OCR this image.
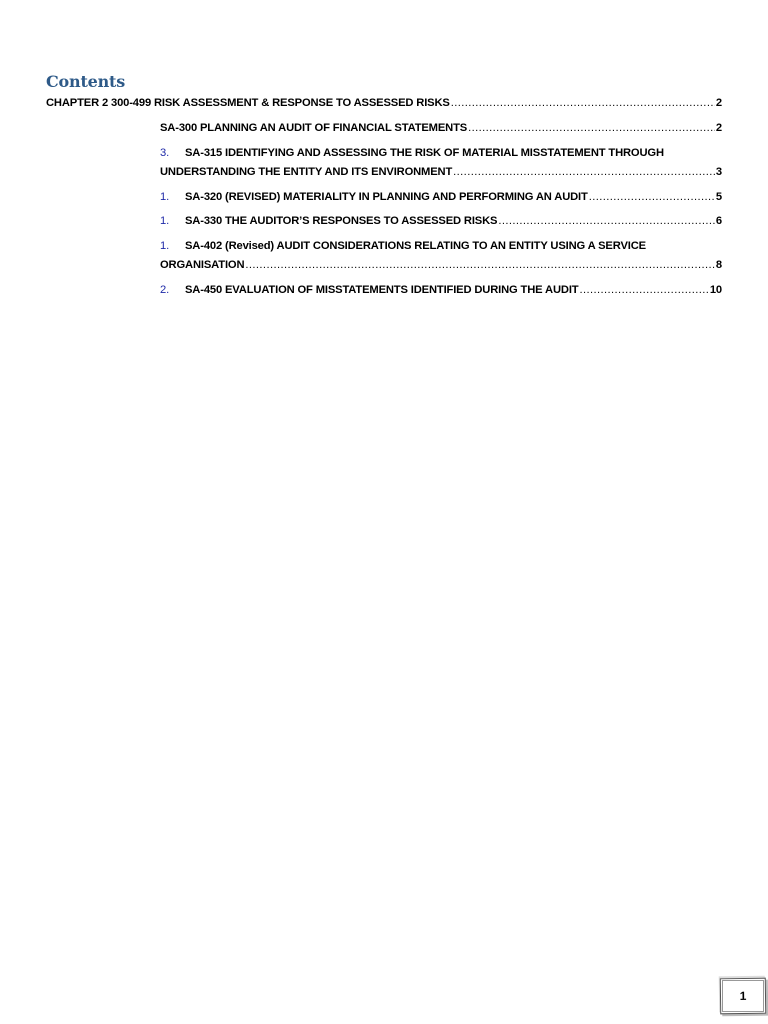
Contents
CHAPTER 2 300-499 RISK ASSESSMENT & RESPONSE TO ASSESSED RISKS .....	2
SA-300 PLANNING AN AUDIT OF FINANCIAL STATEMENTS .....	2
3.	SA-315 IDENTIFYING AND ASSESSING THE RISK OF MATERIAL MISSTATEMENT THROUGH
UNDERSTANDING THE ENTITY AND ITS ENVIRONMENT .....	3
1.	SA-320 (REVISED) MATERIALITY IN PLANNING AND PERFORMING AN AUDIT .....	5
1.	SA-330 THE AUDITOR’S RESPONSES TO ASSESSED RISKS .....	6
1.	SA-402 (Revised) AUDIT CONSIDERATIONS RELATING TO AN ENTITY USING A SERVICE
ORGANISATION .....	8
2.	SA-450 EVALUATION OF MISSTATEMENTS IDENTIFIED DURING THE AUDIT .....	10
1
